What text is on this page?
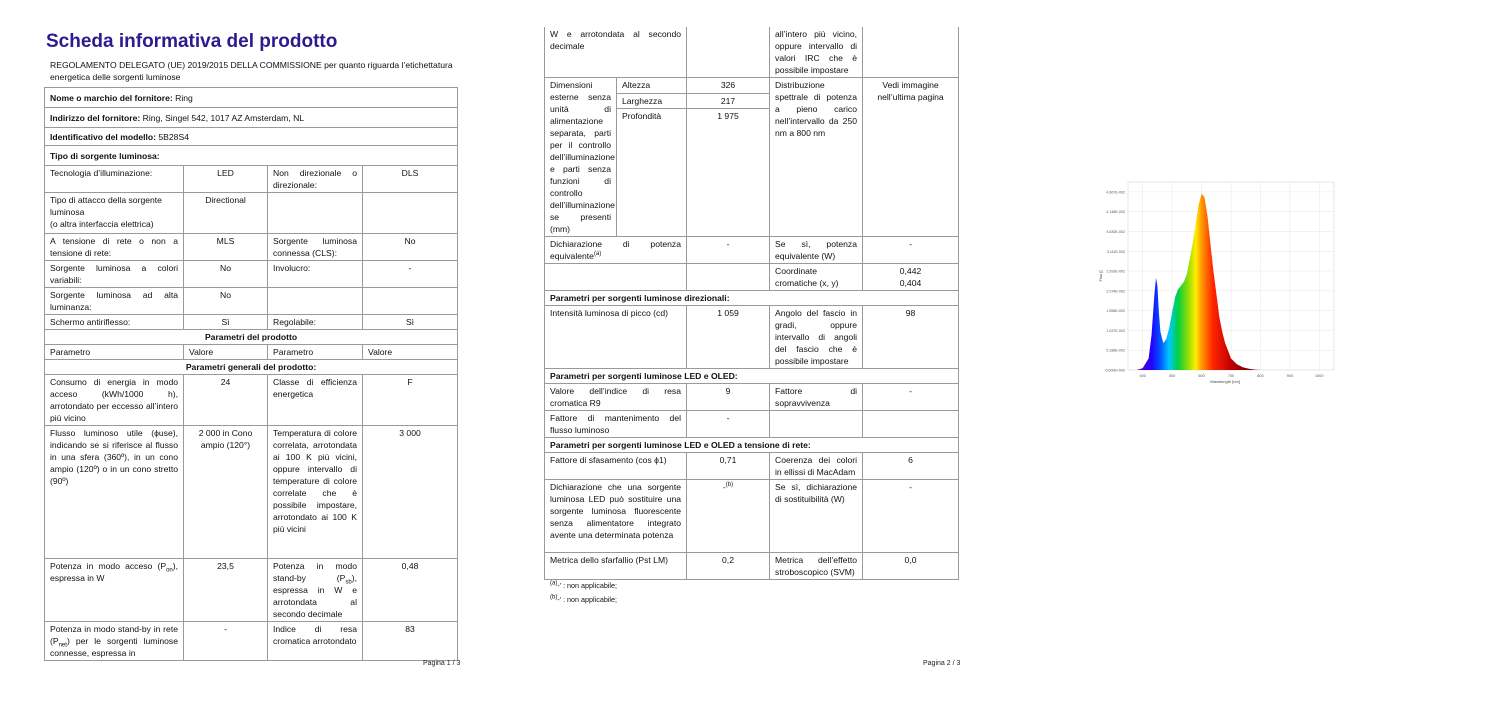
Scheda informativa del prodotto
REGOLAMENTO DELEGATO (UE) 2019/2015 DELLA COMMISSIONE per quanto riguarda l’etichettatura energetica delle sorgenti luminose
Nome o marchio del fornitore: Ring			
Indirizzo del fornitore: Ring, Singel 542, 1017 AZ Amsterdam, NL			
Identificativo del modello: 5B28S4			
Tipo di sorgente luminosa:			
Tecnologia d’illuminazione:	LED	Non direzionale o direzionale:	DLS
Tipo di attacco della sorgente luminosa
(o altra interfaccia elettrica)	Directional		
A tensione di rete o non a tensione di rete:	MLS	Sorgente luminosa connessa (CLS):	No
Sorgente luminosa a colori variabili:	No	Involucro:	-
Sorgente luminosa ad alta luminanza:	No		
Schermo antiriflesso:	Sì	Regolabile:	Sì
Parametri del prodotto			
Parametro	Valore	Parametro	Valore
Parametri generali del prodotto:			
Consumo di energia in modo acceso (kWh/1000 h), arrotondato per eccesso all’intero più vicino	24	Classe di efficienza energetica	F
Flusso luminoso utile (ϕuse), indicando se si riferisce al flusso in una sfera (360º), in un cono ampio (120º) o in un cono stretto (90º)	2 000 in Cono ampio (120°)	Temperatura di colore correlata, arrotondata ai 100 K più vicini, oppure intervallo di temperature di colore correlate che è possibile impostare, arrotondato ai 100 K più vicini	3 000
Potenza in modo acceso $(P_{on})$, espressa in W	23,5	Potenza in modo stand-by $(P_{sb})$, espressa in W e arrotondata al secondo decimale	0,48
Potenza in modo stand-by in rete $(P_{net})$ per le sorgenti luminose connesse, espressa in	-	Indice di resa cromatica arrotondato	83
Pagina 1 / 3
W e arrotondata al secondo decimale			all’intero più vicino, oppure intervallo di valori IRC che è possibile impostare	
Dimensioni esterne senza unità di alimentazione separata, parti per il controllo dell’illuminazione e parti senza funzioni di controllo dell’illuminazione se presenti (mm)	Altezza	326	Distribuzione spettrale di potenza a pieno carico nell’intervallo da 250 nm a 800 nm	Vedi immagine nell’ultima pagina
	Larghezza	217		
	Profondità	1 975		
Dichiarazione di potenza equivalente$^{(a)}$		-	Se sì, potenza equivalente (W)	-
			Coordinate cromatiche (x, y)	0,442
0,404
Parametri per sorgenti luminose direzionali:				
Intensità luminosa di picco (cd)		1 059	Angolo del fascio in gradi, oppure intervallo di angoli del fascio che è possibile impostare	98
Parametri per sorgenti luminose LED e OLED:				
Valore dell’indice di resa cromatica R9		9	Fattore di sopravvivenza	-
Fattore di mantenimento del flusso luminoso		-		
Parametri per sorgenti luminose LED e OLED a tensione di rete:				
Fattore di sfasamento (cos ϕ1)		0,71	Coerenza dei colori in ellissi di MacAdam	6
Dichiarazione che una sorgente luminosa LED può sostituire una sorgente luminosa fluorescente senza alimentatore integrato avente una determinata potenza		-$^{(b)}$	Se sì, dichiarazione di sostituibilità (W)	-
Metrica dello sfarfallio (Pst LM)		0,2	Metrica dell’effetto stroboscopico (SVM)	0,0
$^{(a)}$-’ : non applicabile;
$^{(b)}$-’ : non applicabile;
Pagina 2 / 3
0.000E+000
5.186E-002
1.037E-002
1.556E-002
2.074E-002
2.593E-002
3.111E-002
3.630E-002
4.148E-002
4.667E-002
400	500	600	700	800	900	1000
Wavelength [nm]
Flux []
